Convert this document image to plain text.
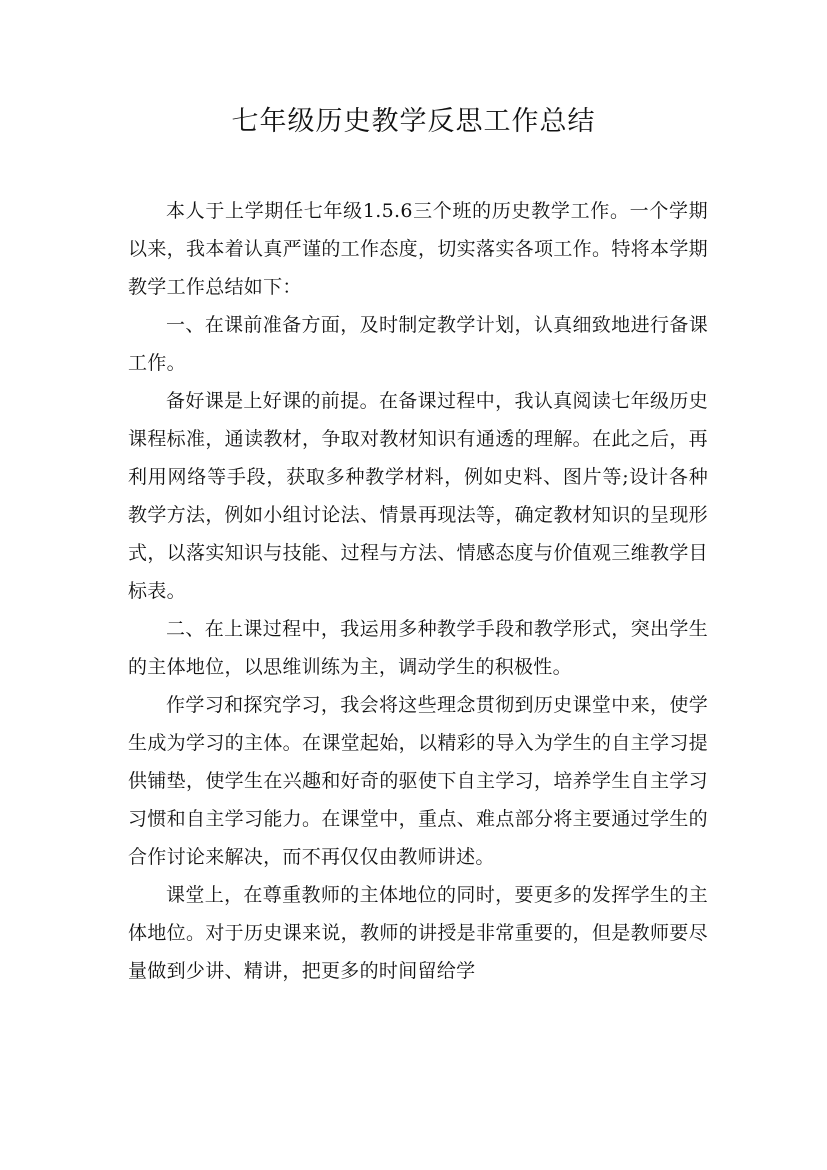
七年级历史教学反思工作总结

本人于上学期任七年级1.5.6三个班的历史教学工作。一个学期以来，我本着认真严谨的工作态度，切实落实各项工作。特将本学期教学工作总结如下：

一、在课前准备方面，及时制定教学计划，认真细致地进行备课工作。

备好课是上好课的前提。在备课过程中，我认真阅读七年级历史课程标准，通读教材，争取对教材知识有通透的理解。在此之后，再利用网络等手段，获取多种教学材料，例如史料、图片等;设计各种教学方法，例如小组讨论法、情景再现法等，确定教材知识的呈现形式，以落实知识与技能、过程与方法、情感态度与价值观三维教学目标表。

二、在上课过程中，我运用多种教学手段和教学形式，突出学生的主体地位，以思维训练为主，调动学生的积极性。

作学习和探究学习，我会将这些理念贯彻到历史课堂中来，使学生成为学习的主体。在课堂起始，以精彩的导入为学生的自主学习提供铺垫，使学生在兴趣和好奇的驱使下自主学习，培养学生自主学习习惯和自主学习能力。在课堂中，重点、难点部分将主要通过学生的合作讨论来解决，而不再仅仅由教师讲述。

课堂上，在尊重教师的主体地位的同时，要更多的发挥学生的主体地位。对于历史课来说，教师的讲授是非常重要的，但是教师要尽量做到少讲、精讲，把更多的时间留给学
